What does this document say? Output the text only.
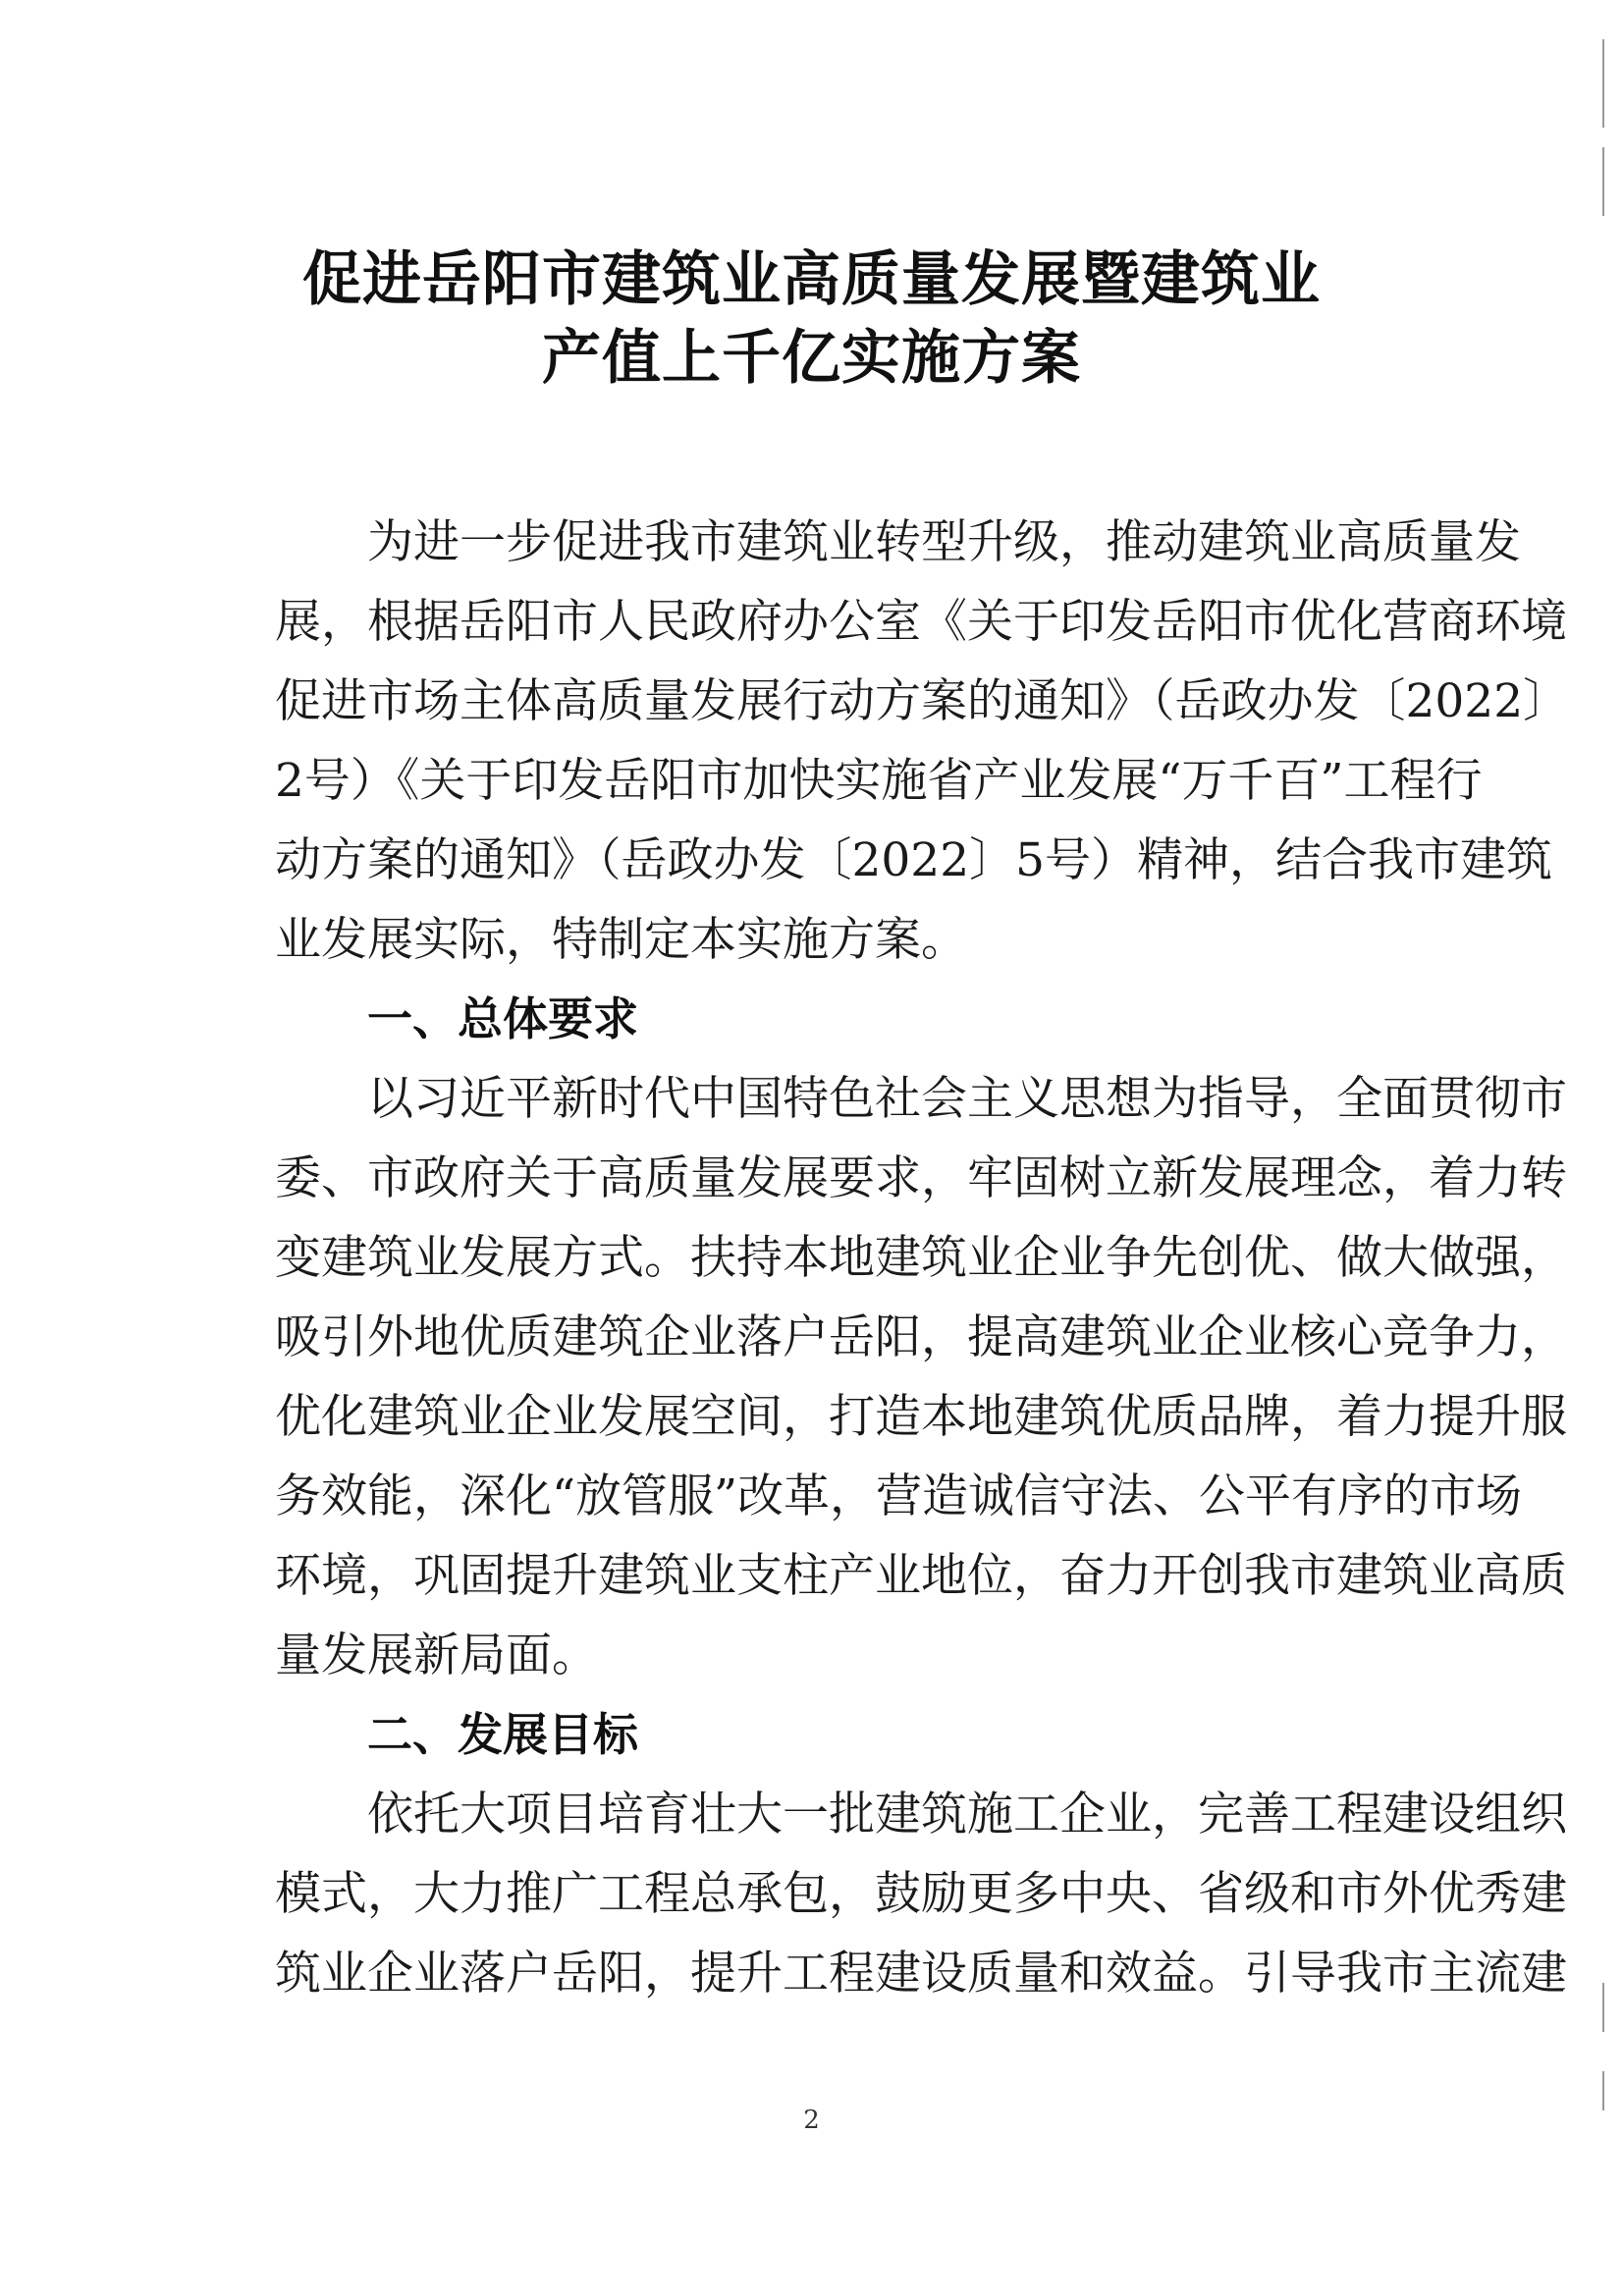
促进岳阳市建筑业高质量发展暨建筑业
产值上千亿实施方案
为进一步促进我市建筑业转型升级，推动建筑业高质量发
展，根据岳阳市人民政府办公室《关于印发岳阳市优化营商环境
促进市场主体高质量发展行动方案的通知》（岳政办发〔2022〕
2号）《关于印发岳阳市加快实施省产业发展“万千百”工程行
动方案的通知》（岳政办发〔2022〕5号）精神，结合我市建筑
业发展实际，特制定本实施方案。
一、总体要求
以习近平新时代中国特色社会主义思想为指导，全面贯彻市
委、市政府关于高质量发展要求，牢固树立新发展理念，着力转
变建筑业发展方式。扶持本地建筑业企业争先创优、做大做强，
吸引外地优质建筑企业落户岳阳，提高建筑业企业核心竞争力，
优化建筑业企业发展空间，打造本地建筑优质品牌，着力提升服
务效能，深化“放管服”改革，营造诚信守法、公平有序的市场
环境，巩固提升建筑业支柱产业地位，奋力开创我市建筑业高质
量发展新局面。
二、发展目标
依托大项目培育壮大一批建筑施工企业，完善工程建设组织
模式，大力推广工程总承包，鼓励更多中央、省级和市外优秀建
筑业企业落户岳阳，提升工程建设质量和效益。引导我市主流建
2
